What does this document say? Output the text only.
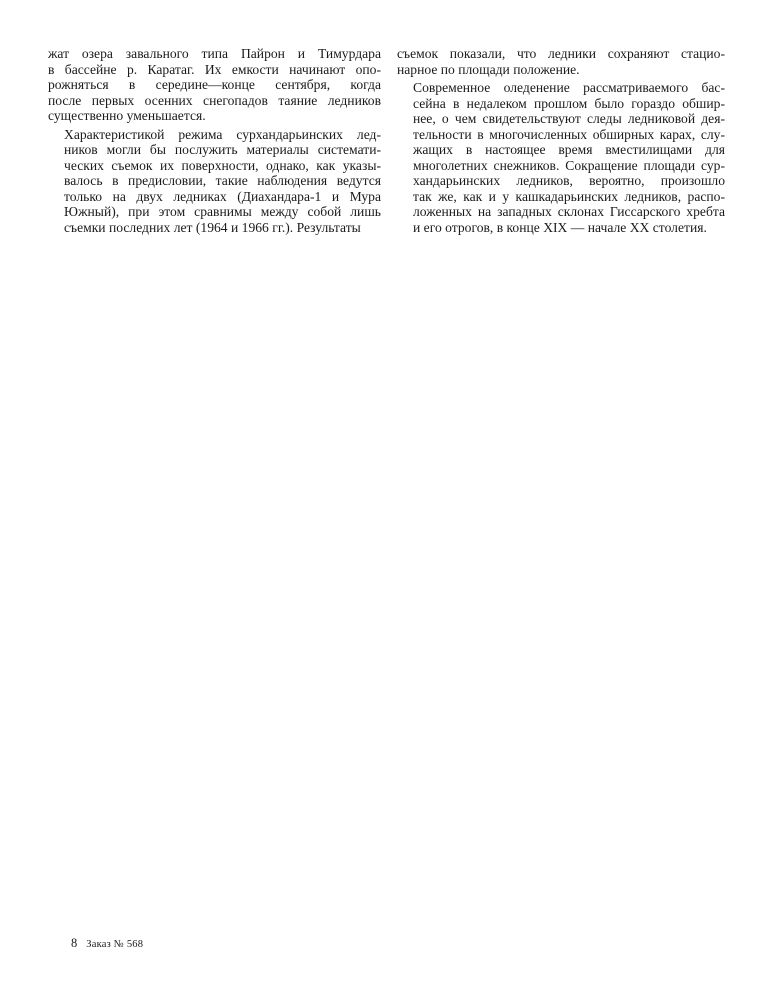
жат озера завального типа Пайрон и Тимурдара
в бассейне р. Каратаг. Их емкости начинают опо-
рожняться в середине—конце сентября, когда
после первых осенних снегопадов таяние ледников
существенно уменьшается.
Характеристикой режима сурхандарьинских лед-
ников могли бы послужить материалы системати-
ческих съемок их поверхности, однако, как указы-
валось в предисловии, такие наблюдения ведутся
только на двух ледниках (Диахандара-1 и Мура
Южный), при этом сравнимы между собой лишь
съемки последних лет (1964 и 1966 гг.). Результаты
съемок показали, что ледники сохраняют стацио-
нарное по площади положение.
Современное оледенение рассматриваемого бас-
сейна в недалеком прошлом было гораздо обшир-
нее, о чем свидетельствуют следы ледниковой дея-
тельности в многочисленных обширных карах, слу-
жащих в настоящее время вместилищами для
многолетних снежников. Сокращение площади сур-
хандарьинских ледников, вероятно, произошло
так же, как и у кашкадарьинских ледников, распо-
ложенных на западных склонах Гиссарского хребта
и его отрогов, в конце XIX — начале XX столетия.
8 Заказ № 568
